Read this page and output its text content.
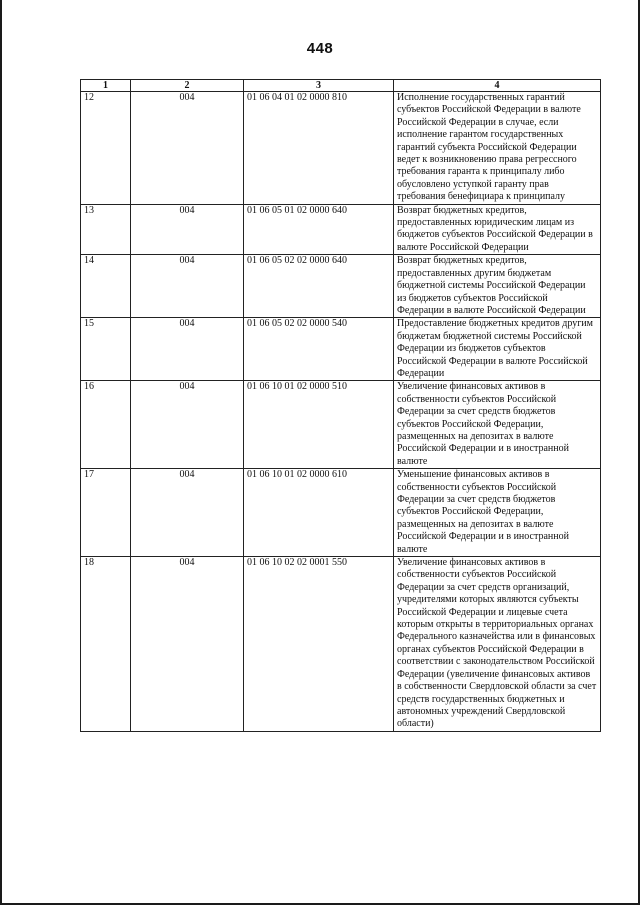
448
1	2	3	4
12	004	01 06 04 01 02 0000 810	Исполнение государственных гарантий субъектов Российской Федерации в валюте Российской Федерации в случае, если исполнение гарантом государственных гарантий субъекта Российской Федерации ведет к возникновению права регрессного требования гаранта к принципалу либо обусловлено уступкой гаранту прав требования бенефициара к принципалу
13	004	01 06 05 01 02 0000 640	Возврат бюджетных кредитов, предоставленных юридическим лицам из бюджетов субъектов Российской Федерации в валюте Российской Федерации
14	004	01 06 05 02 02 0000 640	Возврат бюджетных кредитов, предоставленных другим бюджетам бюджетной системы Российской Федерации из бюджетов субъектов Российской Федерации в валюте Российской Федерации
15	004	01 06 05 02 02 0000 540	Предоставление бюджетных кредитов другим бюджетам бюджетной системы Российской Федерации из бюджетов субъектов Российской Федерации в валюте Российской Федерации
16	004	01 06 10 01 02 0000 510	Увеличение финансовых активов в собственности субъектов Российской Федерации за счет средств бюджетов субъектов Российской Федерации, размещенных на депозитах в валюте Российской Федерации и в иностранной валюте
17	004	01 06 10 01 02 0000 610	Уменьшение финансовых активов в собственности субъектов Российской Федерации за счет средств бюджетов субъектов Российской Федерации, размещенных на депозитах в валюте Российской Федерации и в иностранной валюте
18	004	01 06 10 02 02 0001 550	Увеличение финансовых активов в собственности субъектов Российской Федерации за счет средств организаций, учредителями которых являются субъекты Российской Федерации и лицевые счета которым открыты в территориальных органах Федерального казначейства или в финансовых органах субъектов Российской Федерации в соответствии с законодательством Российской Федерации (увеличение финансовых активов в собственности Свердловской области за счет средств государственных бюджетных и автономных учреждений Свердловской области)
